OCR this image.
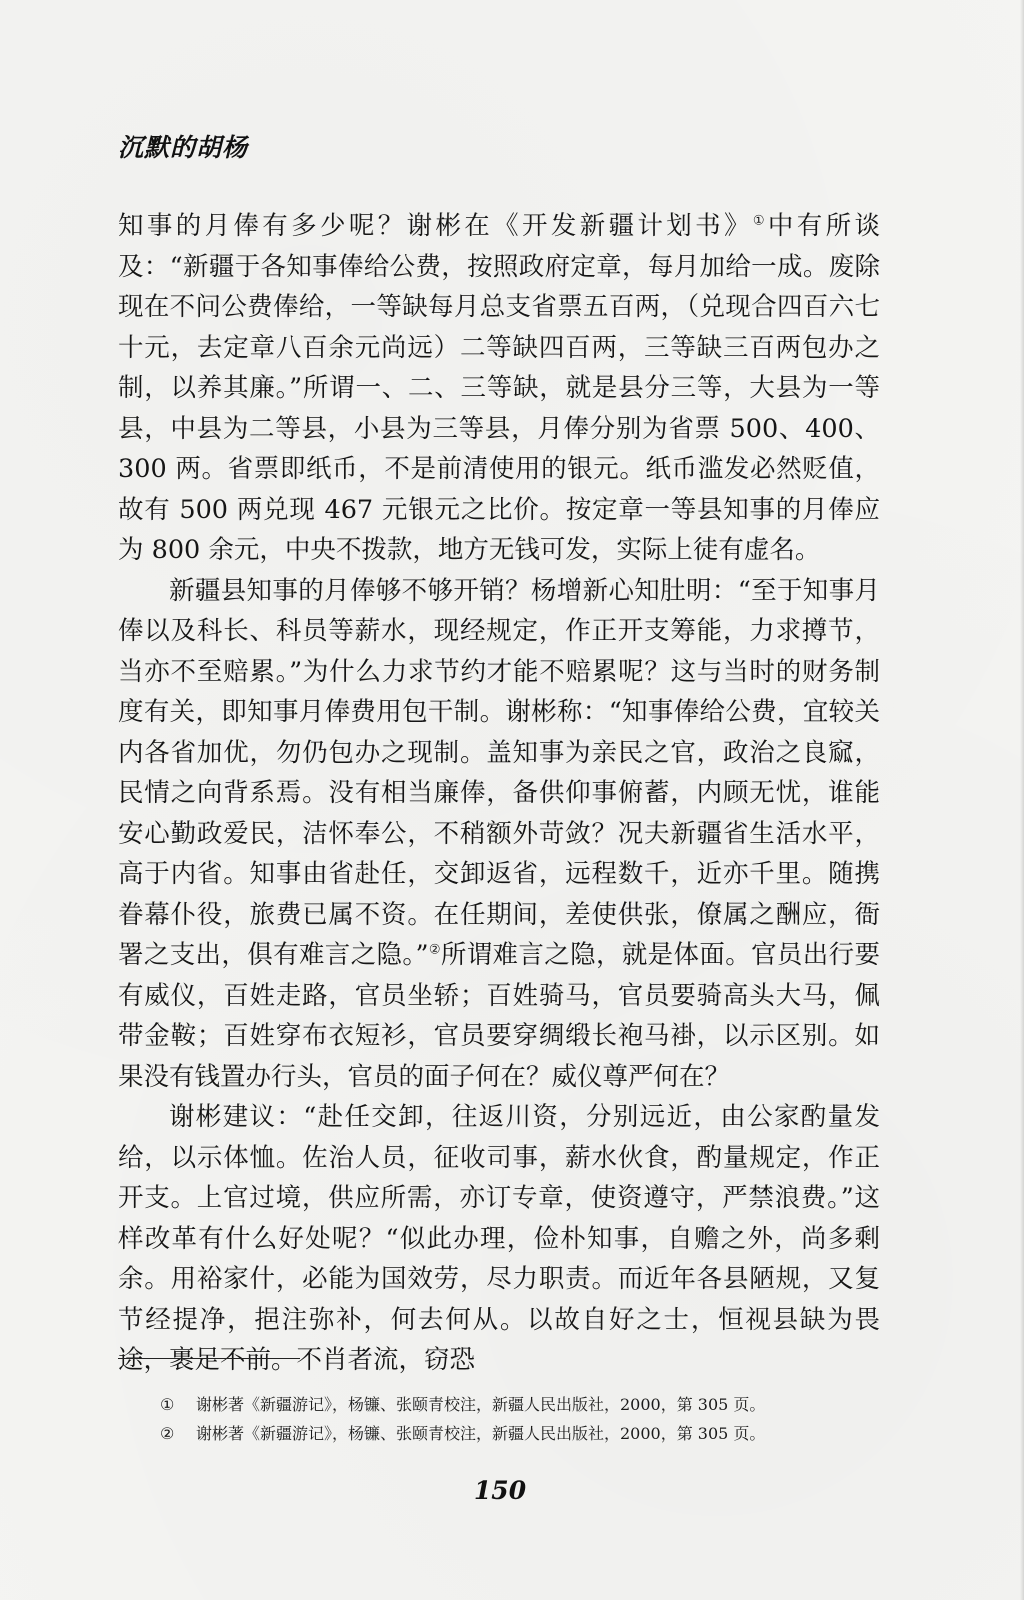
沉默的胡杨

知事的月俸有多少呢？谢彬在《开发新疆计划书》①中有所谈及：“新疆于各知事俸给公费，按照政府定章，每月加给一成。废除现在不问公费俸给，一等缺每月总支省票五百两，（兑现合四百六七十元，去定章八百余元尚远）二等缺四百两，三等缺三百两包办之制，以养其廉。”所谓一、二、三等缺，就是县分三等，大县为一等县，中县为二等县，小县为三等县，月俸分别为省票 500、400、300 两。省票即纸币，不是前清使用的银元。纸币滥发必然贬值，故有 500 两兑现 467 元银元之比价。按定章一等县知事的月俸应为 800 余元，中央不拨款，地方无钱可发，实际上徒有虚名。

新疆县知事的月俸够不够开销？杨增新心知肚明：“至于知事月俸以及科长、科员等薪水，现经规定，作正开支筹能，力求撙节，当亦不至赔累。”为什么力求节约才能不赔累呢？这与当时的财务制度有关，即知事月俸费用包干制。谢彬称：“知事俸给公费，宜较关内各省加优，勿仍包办之现制。盖知事为亲民之官，政治之良窳，民情之向背系焉。没有相当廉俸，备供仰事俯蓄，内顾无忧，谁能安心勤政爱民，洁怀奉公，不稍额外苛敛？况夫新疆省生活水平，高于内省。知事由省赴任，交卸返省，远程数千，近亦千里。随携眷幕仆役，旅费已属不资。在任期间，差使供张，僚属之酬应，衙署之支出，俱有难言之隐。”②所谓难言之隐，就是体面。官员出行要有威仪，百姓走路，官员坐轿；百姓骑马，官员要骑高头大马，佩带金鞍；百姓穿布衣短衫，官员要穿绸缎长袍马褂，以示区别。如果没有钱置办行头，官员的面子何在？威仪尊严何在？

谢彬建议：“赴任交卸，往返川资，分别远近，由公家酌量发给，以示体恤。佐治人员，征收司事，薪水伙食，酌量规定，作正开支。上官过境，供应所需，亦订专章，使资遵守，严禁浪费。”这样改革有什么好处呢？“似此办理，俭朴知事，自赡之外，尚多剩余。用裕家什，必能为国效劳，尽力职责。而近年各县陋规，又复节经提净，挹注弥补，何去何从。以故自好之士，恒视县缺为畏途，裹足不前。不肖者流，窃恐

① 谢彬著《新疆游记》，杨镰、张颐青校注，新疆人民出版社，2000，第 305 页。
② 谢彬著《新疆游记》，杨镰、张颐青校注，新疆人民出版社，2000，第 305 页。
150
